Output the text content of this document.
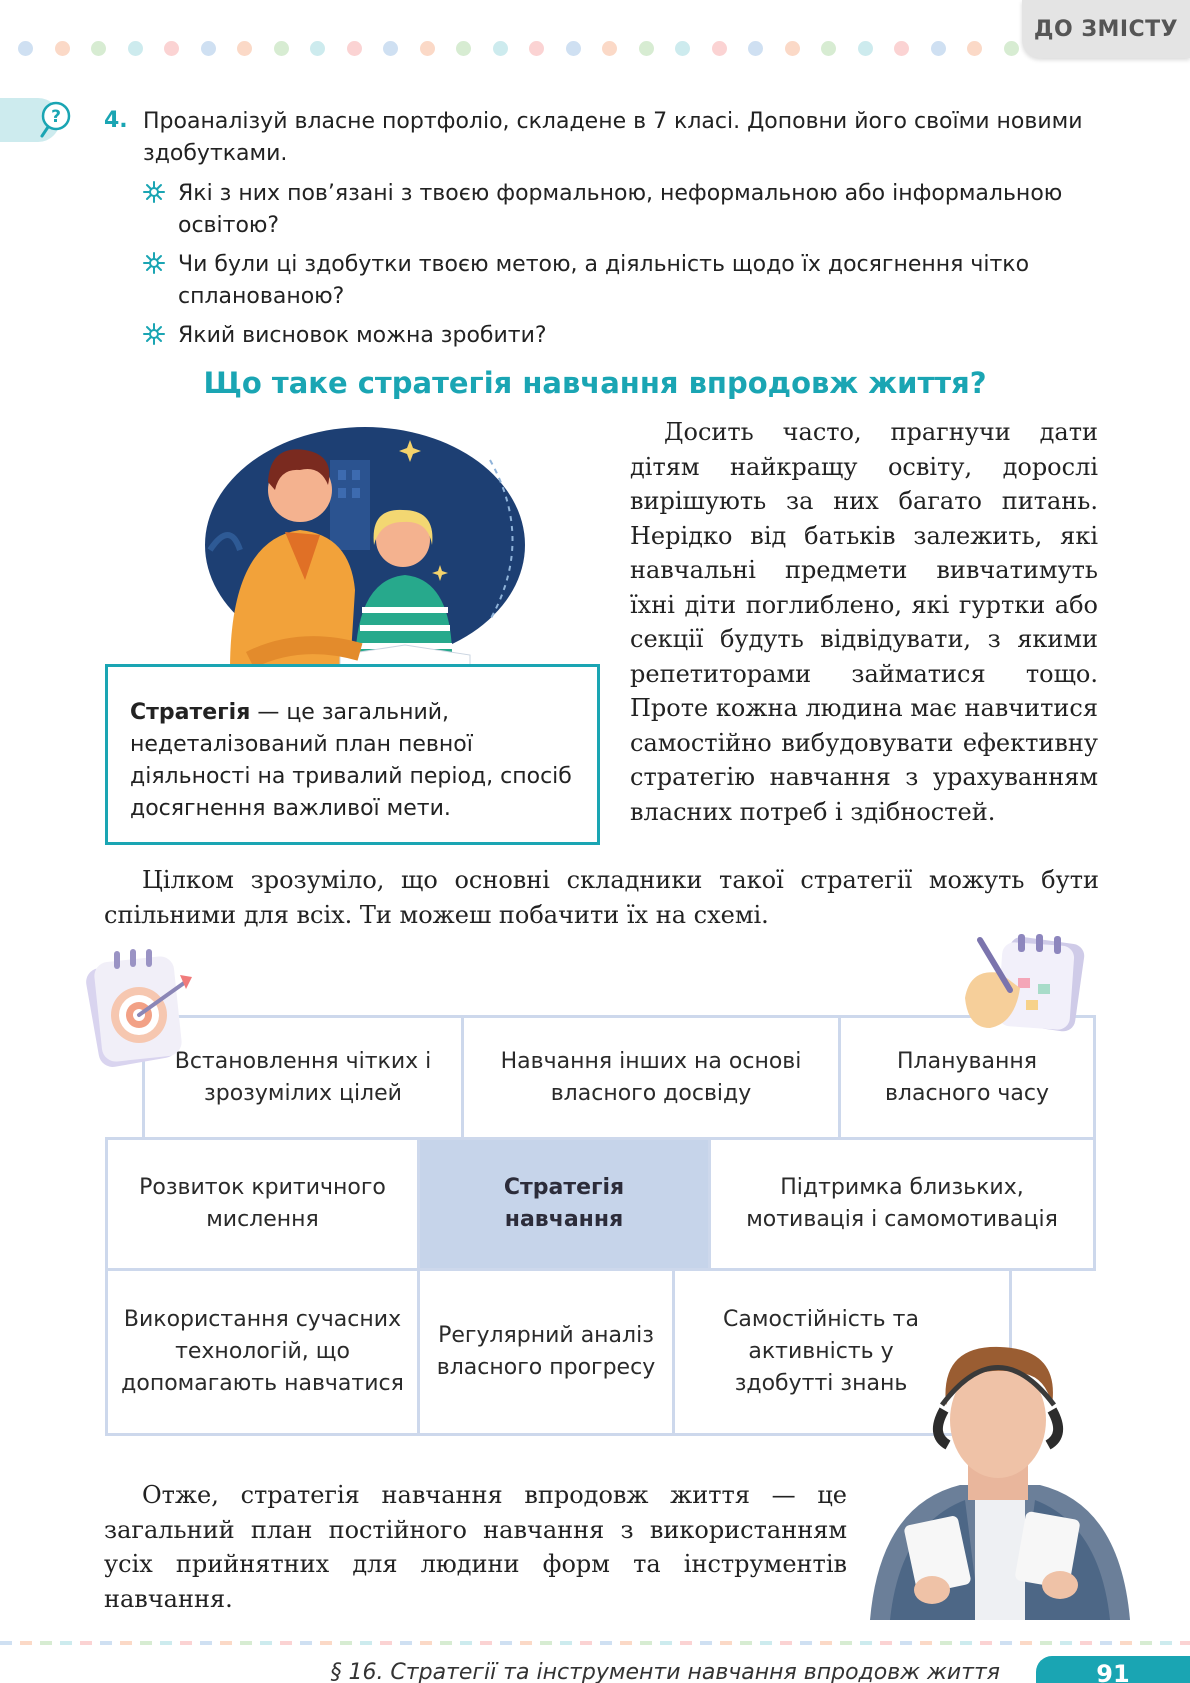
ДО ЗМІСТУ
? 4. Проаналізуй власне портфоліо, складене в 7 класі. Доповни його своїми новими здобутками.
Які з них пов’язані з твоєю формальною, неформальною або інформальною освітою?
Чи були ці здобутки твоєю метою, а діяльність щодо їх досягнення чітко спланованою?
Який висновок можна зробити?
Що таке стратегія навчання впродовж життя?
Стратегія — це загальний, недеталізований план певної діяльності на тривалий період, спосіб досягнення важливої мети.
Досить часто, прагнучи дати дітям найкращу освіту, дорослі вирішують за них багато питань. Нерідко від батьків залежить, які навчальні предмети вивчатимуть їхні діти поглиблено, які гуртки або секції будуть відвідувати, з якими репетиторами займатися тощо. Проте кожна людина має навчитися самостійно вибудовувати ефективну стратегію навчання з урахуванням власних потреб і здібностей.
Цілком зрозуміло, що основні складники такої стратегії можуть бути спільними для всіх. Ти можеш побачити їх на схемі.
Встановлення чітких і зрозумілих цілей
Навчання інших на основі власного досвіду
Планування власного часу
Розвиток критичного мислення
Стратегія навчання
Підтримка близьких, мотивація і самомотивація
Використання сучасних технологій, що допомагають навчатися
Регулярний аналіз власного прогресу
Самостійність та активність у здобутті знань
Отже, стратегія навчання впродовж життя — це загальний план постійного навчання з використанням усіх прийнятних для людини форм та інструментів навчання.
§ 16. Стратегії та інструменти навчання впродовж життя	91
